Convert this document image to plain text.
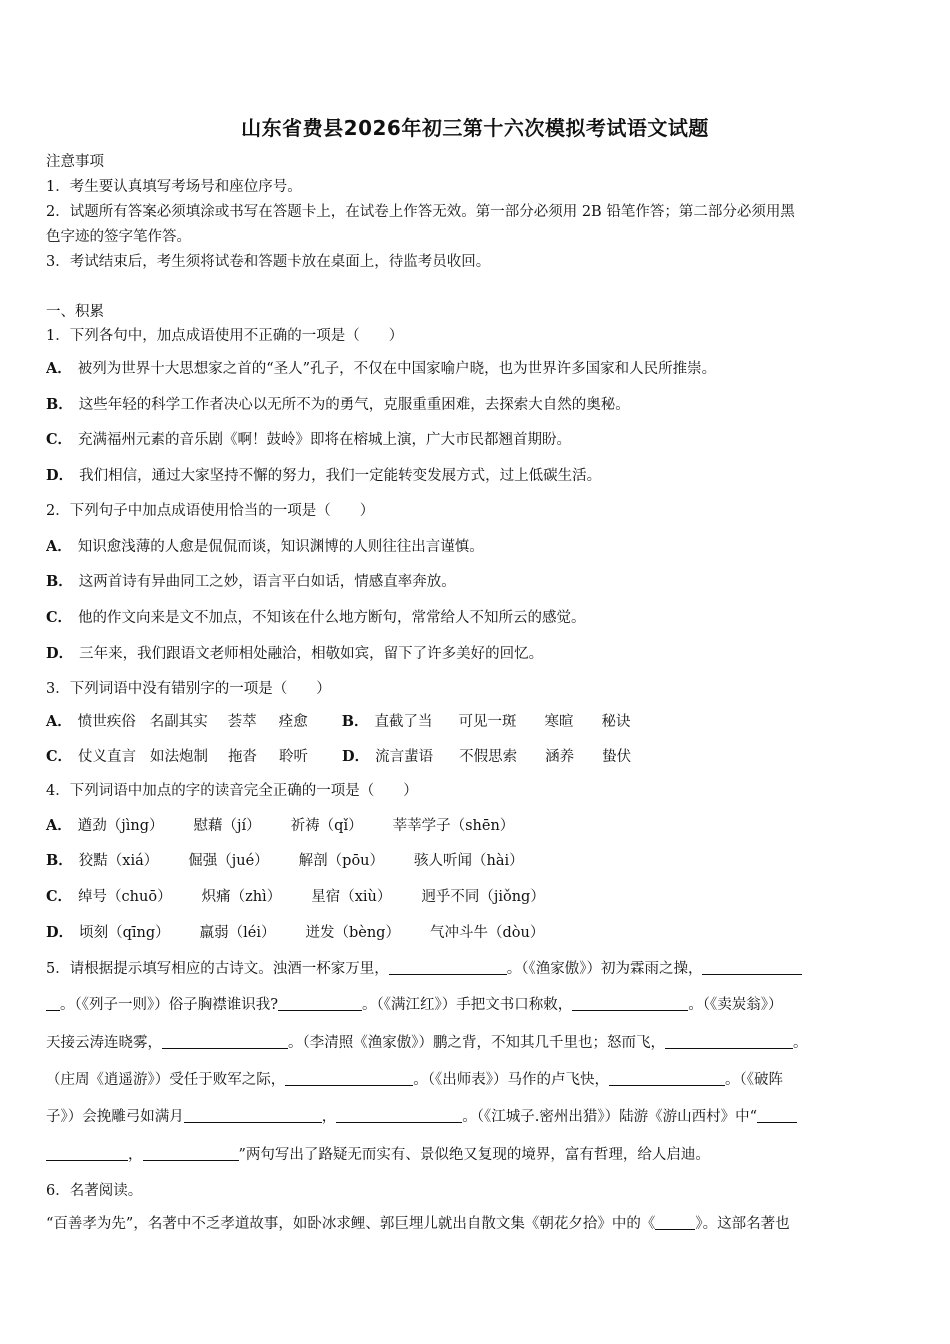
山东省费县2026年初三第十六次模拟考试语文试题
注意事项
1．考生要认真填写考场号和座位序号。
2．试题所有答案必须填涂或书写在答题卡上，在试卷上作答无效。第一部分必须用 2B 铅笔作答；第二部分必须用黑
色字迹的签字笔作答。
3．考试结束后，考生须将试卷和答题卡放在桌面上，待监考员收回。
一、积累
1．下列各句中，加点成语使用不正确的一项是（　　）
A． 被列为世界十大思想家之首的“圣人”孔子，不仅在中国家喻户晓，也为世界许多国家和人民所推崇。
B． 这些年轻的科学工作者决心以无所不为的勇气，克服重重困难，去探索大自然的奥秘。
C． 充满福州元素的音乐剧《啊！鼓岭》即将在榕城上演，广大市民都翘首期盼。
D． 我们相信，通过大家坚持不懈的努力，我们一定能转变发展方式，过上低碳生活。
2．下列句子中加点成语使用恰当的一项是（　　）
A． 知识愈浅薄的人愈是侃侃而谈，知识渊博的人则往往出言谨慎。
B． 这两首诗有异曲同工之妙，语言平白如话，情感直率奔放。
C． 他的作文向来是文不加点，不知该在什么地方断句，常常给人不知所云的感觉。
D． 三年来，我们跟语文老师相处融洽，相敬如宾，留下了许多美好的回忆。
3．下列词语中没有错别字的一项是（　　）
A． 愤世疾俗 名副其实 荟萃 痊愈 B． 直截了当 可见一斑 寒暄 秘诀
C． 仗义直言 如法炮制 拖沓 聆听 D． 流言蜚语 不假思索 涵养 蛰伏
4．下列词语中加点的字的读音完全正确的一项是（　　）
A． 遒劲（jìng） 慰藉（jí） 祈祷（qǐ） 莘莘学子（shēn）
B． 狡黠（xiá） 倔强（jué） 解剖（pōu） 骇人听闻（hài）
C． 绰号（chuō） 炽痛（zhì） 星宿（xiù） 迥乎不同（jiǒng）
D． 顷刻（qīng） 羸弱（léi） 迸发（bèng） 气冲斗牛（dòu）
5．请根据提示填写相应的古诗文。浊酒一杯家万里，	。（《渔家傲》）初为霖雨之操，
。（《列子一则》）俗子胸襟谁识我?	。（《满江红》）手把文书口称敕，	。（《卖炭翁》）
天接云涛连晓雾，	。（李清照《渔家傲》）鹏之背，不知其几千里也；怒而飞，	。
（庄周《逍遥游》）受任于败军之际，	。（《出师表》）马作的卢飞快，	。（《破阵
子》）会挽雕弓如满月	，	。（《江城子.密州出猎》）陆游《游山西村》中“
，	”两句写出了路疑无而实有、景似绝又复现的境界，富有哲理，给人启迪。
6．名著阅读。
“百善孝为先”，名著中不乏孝道故事，如卧冰求鲤、郭巨埋儿就出自散文集《朝花夕拾》中的《	》。这部名著也
